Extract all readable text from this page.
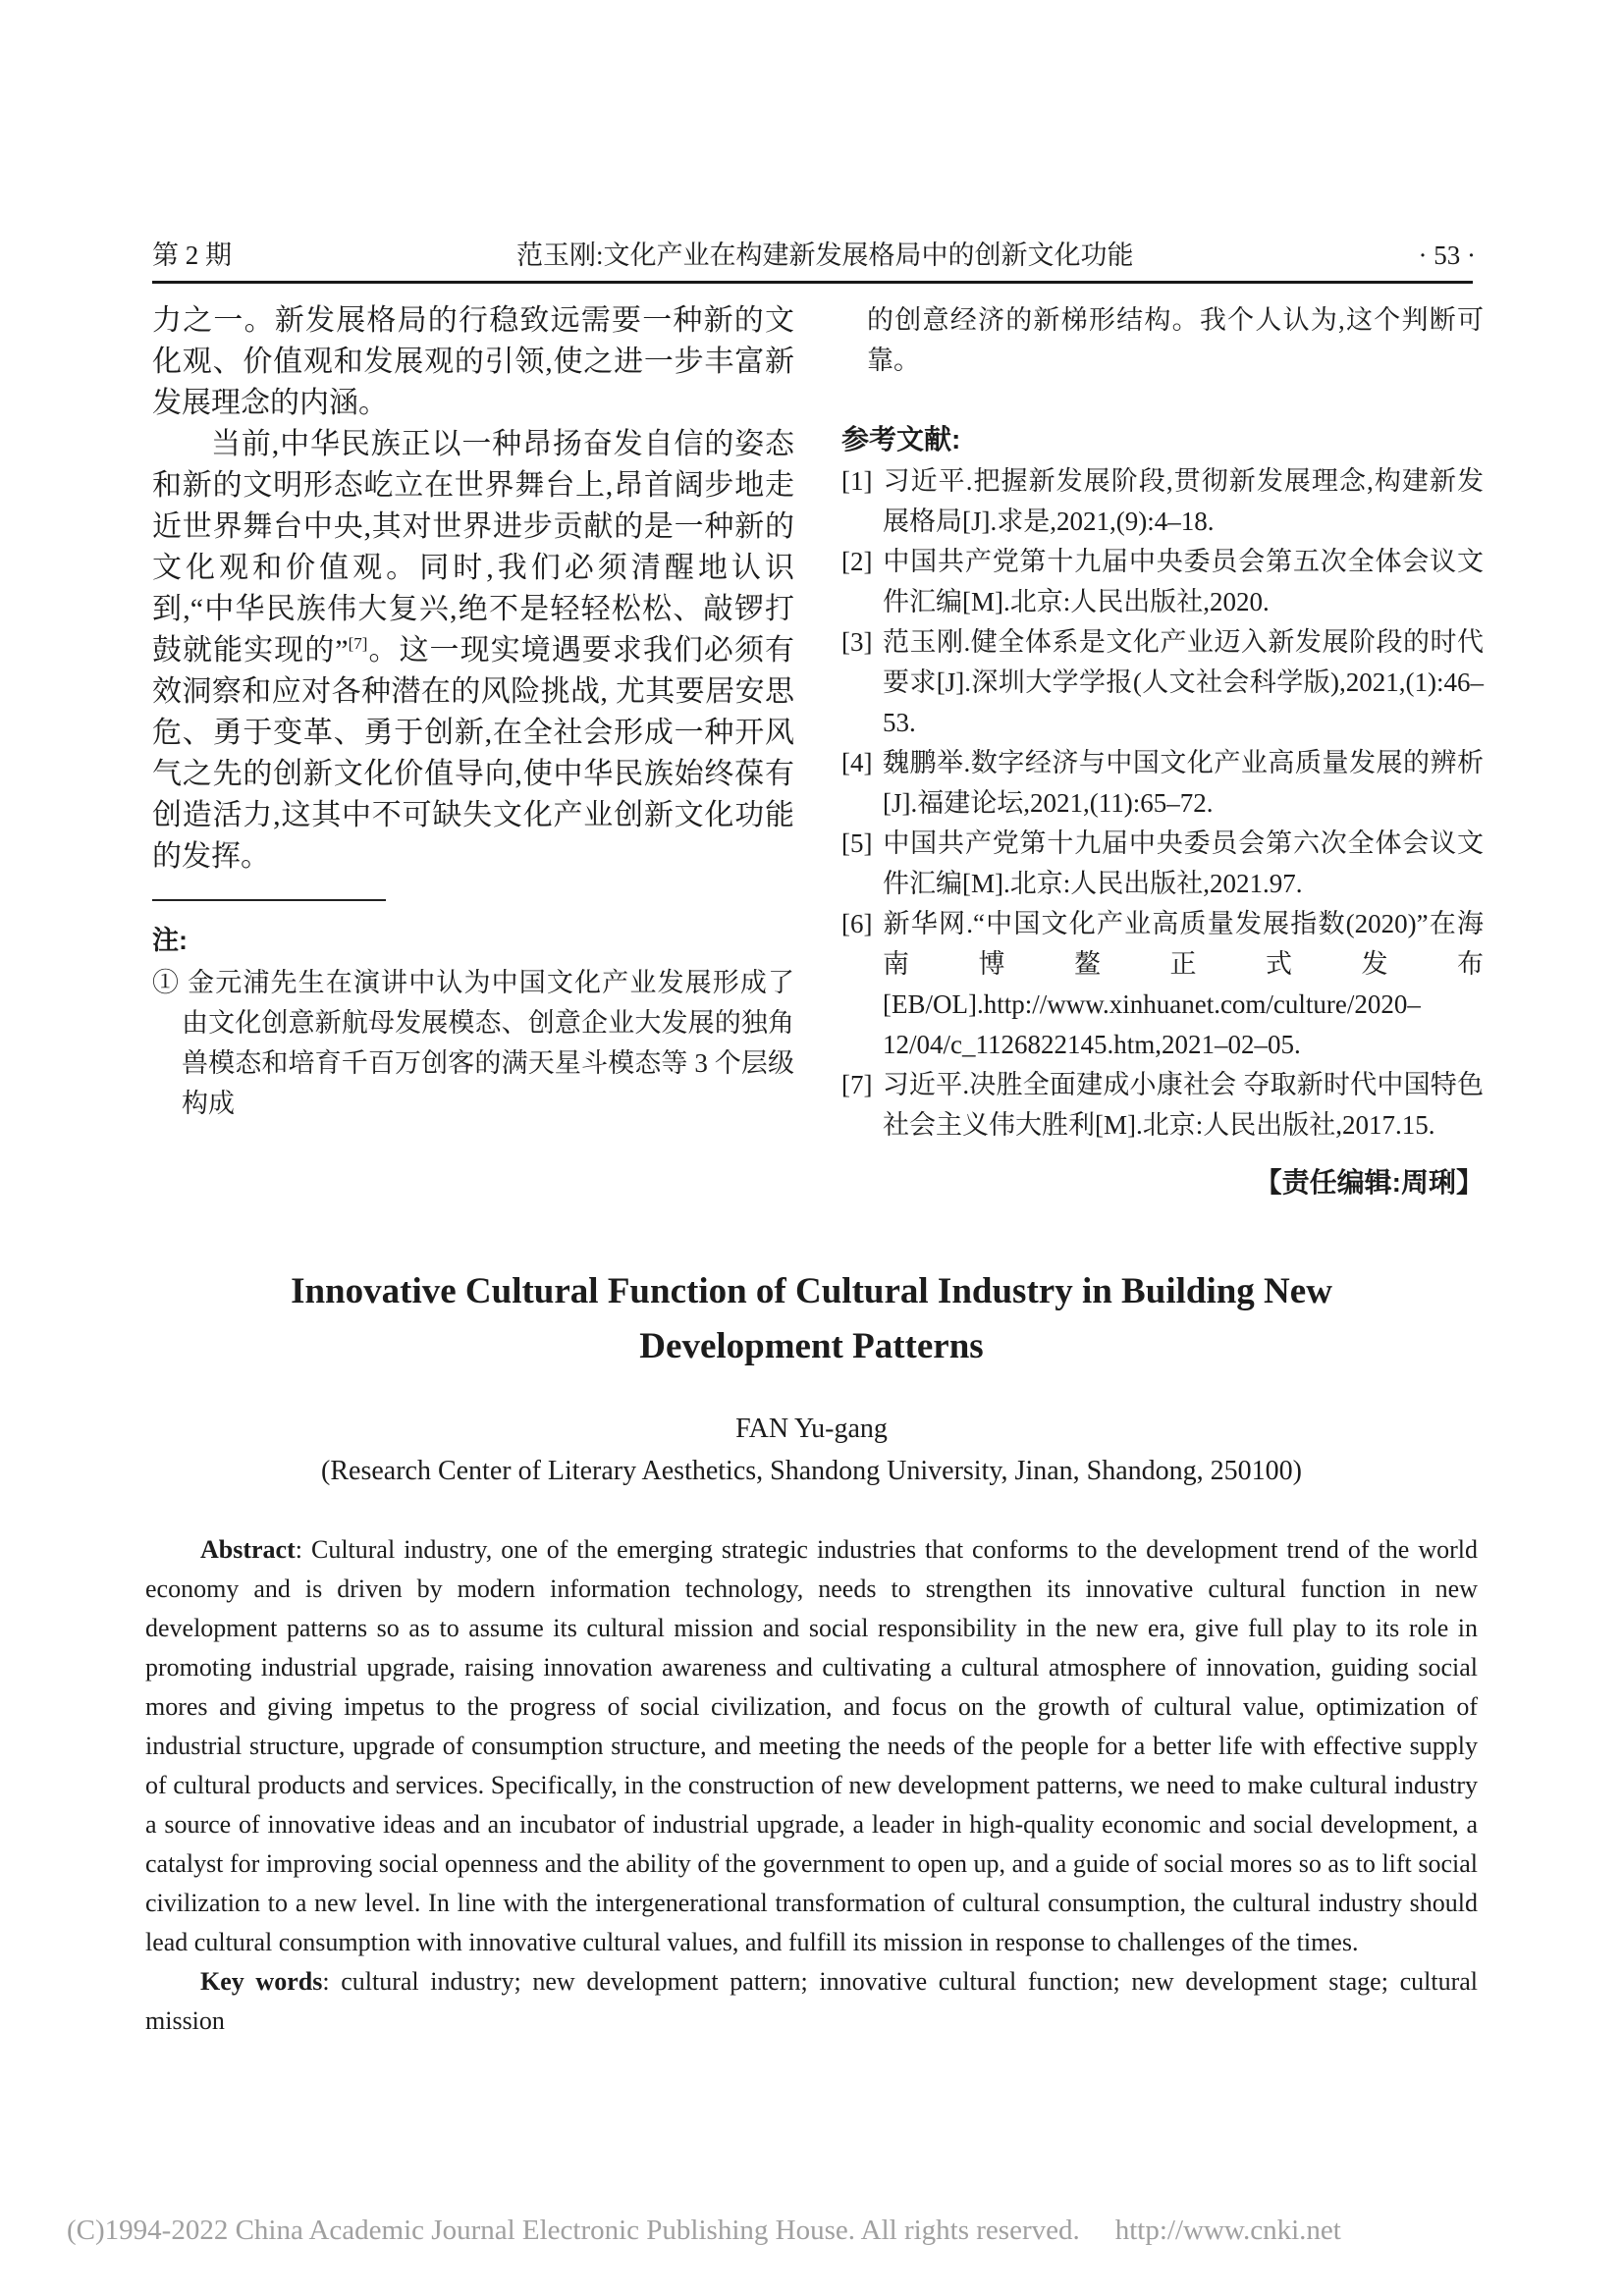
第 2 期	范玉刚:文化产业在构建新发展格局中的创新文化功能	· 53 ·

力之一。新发展格局的行稳致远需要一种新的文化观、价值观和发展观的引领,使之进一步丰富新发展理念的内涵。

当前,中华民族正以一种昂扬奋发自信的姿态和新的文明形态屹立在世界舞台上,昂首阔步地走近世界舞台中央,其对世界进步贡献的是一种新的文化观和价值观。同时,我们必须清醒地认识到,“中华民族伟大复兴,绝不是轻轻松松、敲锣打鼓就能实现的”[7]。这一现实境遇要求我们必须有效洞察和应对各种潜在的风险挑战, 尤其要居安思危、勇于变革、勇于创新,在全社会形成一种开风气之先的创新文化价值导向,使中华民族始终葆有创造活力,这其中不可缺失文化产业创新文化功能的发挥。

注:
① 金元浦先生在演讲中认为中国文化产业发展形成了由文化创意新航母发展模态、创意企业大发展的独角兽模态和培育千百万创客的满天星斗模态等 3 个层级构成

的创意经济的新梯形结构。我个人认为,这个判断可靠。

参考文献:
[1] 习近平.把握新发展阶段,贯彻新发展理念,构建新发展格局[J].求是,2021,(9):4–18.
[2] 中国共产党第十九届中央委员会第五次全体会议文件汇编[M].北京:人民出版社,2020.
[3] 范玉刚.健全体系是文化产业迈入新发展阶段的时代要求[J].深圳大学学报(人文社会科学版),2021,(1):46–53.
[4] 魏鹏举.数字经济与中国文化产业高质量发展的辨析[J].福建论坛,2021,(11):65–72.
[5] 中国共产党第十九届中央委员会第六次全体会议文件汇编[M].北京:人民出版社,2021.97.
[6] 新华网.“中国文化产业高质量发展指数(2020)”在海南博鳌正式发布[EB/OL].http://www.xinhuanet.com/culture/2020–12/04/c_1126822145.htm,2021–02–05.
[7] 习近平.决胜全面建成小康社会 夺取新时代中国特色社会主义伟大胜利[M].北京:人民出版社,2017.15.
【责任编辑:周琍】
Innovative Cultural Function of Cultural Industry in Building New
Development Patterns
FAN Yu-gang
(Research Center of Literary Aesthetics, Shandong University, Jinan, Shandong, 250100)

Abstract: Cultural industry, one of the emerging strategic industries that conforms to the development trend of the world economy and is driven by modern information technology, needs to strengthen its innovative cultural function in new development patterns so as to assume its cultural mission and social responsibility in the new era, give full play to its role in promoting industrial upgrade, raising innovation awareness and cultivating a cultural atmosphere of innovation, guiding social mores and giving impetus to the progress of social civilization, and focus on the growth of cultural value, optimization of industrial structure, upgrade of consumption structure, and meeting the needs of the people for a better life with effective supply of cultural products and services. Specifically, in the construction of new development patterns, we need to make cultural industry a source of innovative ideas and an incubator of industrial upgrade, a leader in high-quality economic and social development, a catalyst for improving social openness and the ability of the government to open up, and a guide of social mores so as to lift social civilization to a new level. In line with the intergenerational transformation of cultural consumption, the cultural industry should lead cultural consumption with innovative cultural values, and fulfill its mission in response to challenges of the times.

Key words: cultural industry; new development pattern; innovative cultural function; new development stage; cultural mission

(C)1994-2022 China Academic Journal Electronic Publishing House. All rights reserved. http://www.cnki.net
